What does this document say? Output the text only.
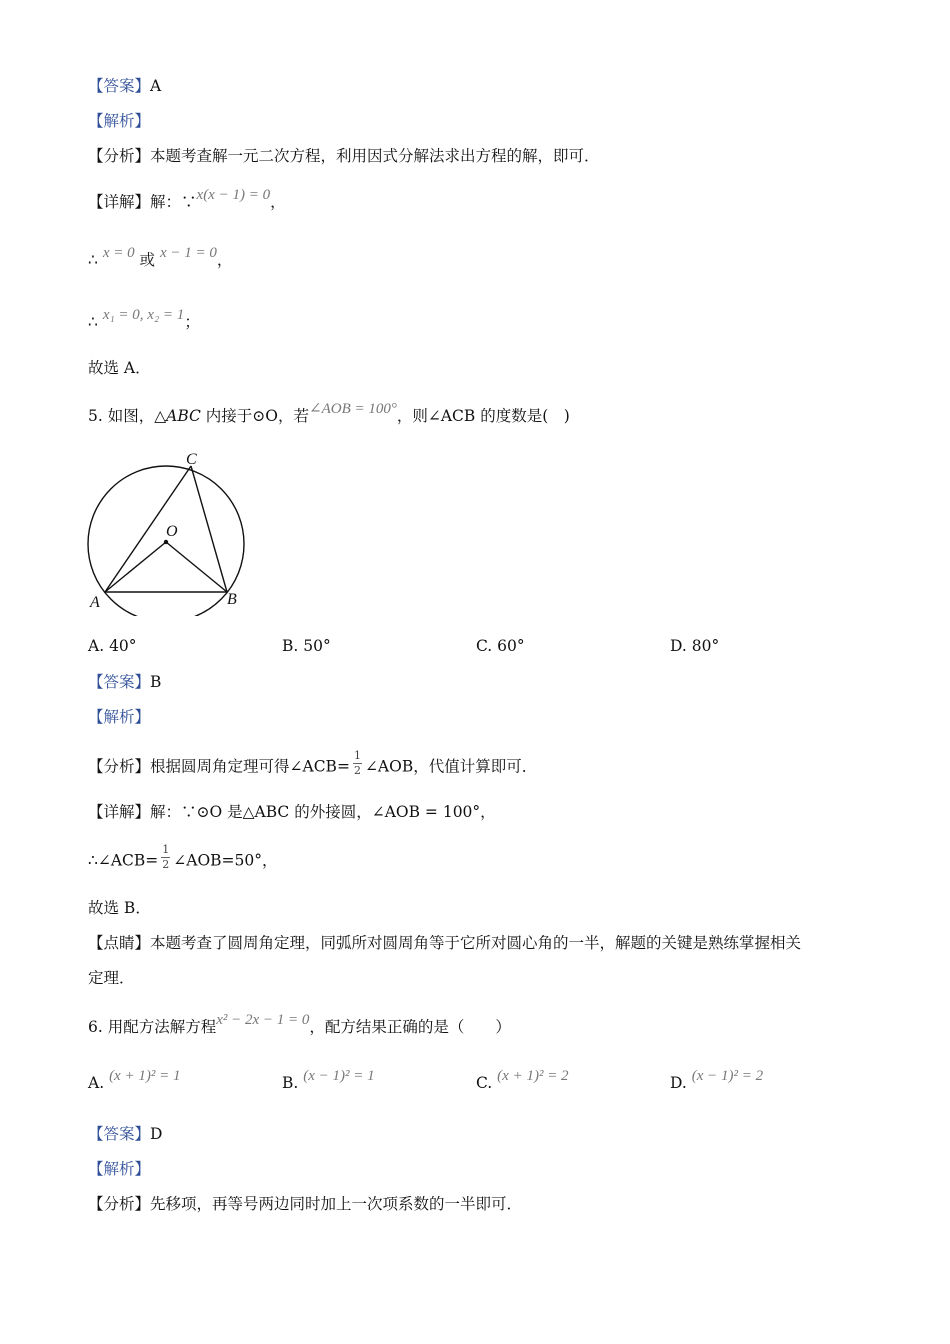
【答案】A
【解析】
【分析】本题考查解一元二次方程，利用因式分解法求出方程的解，即可．
【详解】解：∵x(x − 1) = 0，
∴ x = 0 或 x − 1 = 0，
∴ x₁ = 0, x₂ = 1；
故选 A．
5. 如图，△ABC 内接于⊙O，若∠AOB = 100°，则∠ACB 的度数是(　)
A	B
C
O
A. 40°	B. 50°	C. 60°	D. 80°
【答案】B
【解析】
【分析】根据圆周角定理可得∠ACB= $\frac{1}{2}$ ∠AOB，代值计算即可．
【详解】解：∵⊙O 是△ABC 的外接圆，∠AOB = 100°，
∴∠ACB= $\frac{1}{2}$ ∠AOB=50°，
故选 B．
【点睛】本题考查了圆周角定理，同弧所对圆周角等于它所对圆心角的一半，解题的关键是熟练掌握相关
定理．
6. 用配方法解方程x² − 2x − 1 = 0，配方结果正确的是（　　）
A. (x + 1)² = 1	B. (x − 1)² = 1	C. (x + 1)² = 2	D. (x − 1)² = 2
【答案】D
【解析】
【分析】先移项，再等号两边同时加上一次项系数的一半即可．
